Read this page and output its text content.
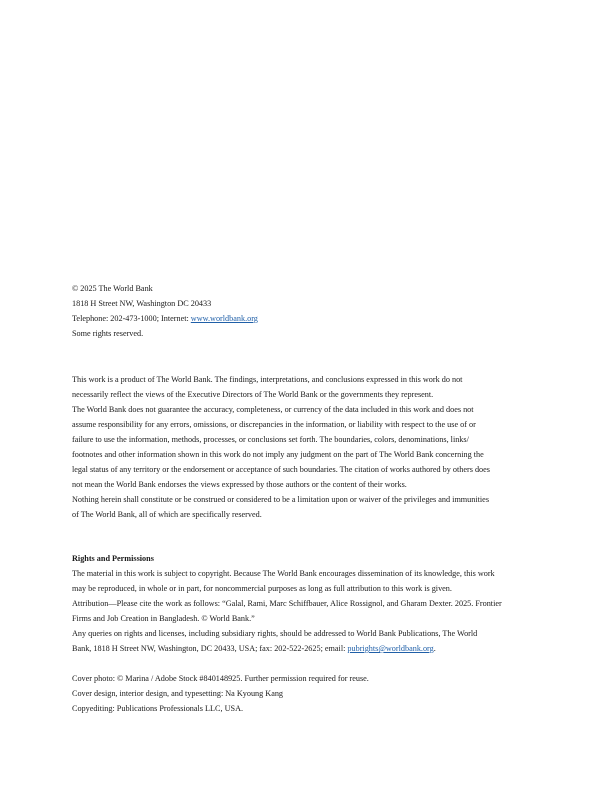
© 2025 The World Bank
1818 H Street NW, Washington DC 20433
Telephone: 202-473-1000; Internet: www.worldbank.org
Some rights reserved.
This work is a product of The World Bank. The findings, interpretations, and conclusions expressed in this work do not
necessarily reflect the views of the Executive Directors of The World Bank or the governments they represent.
The World Bank does not guarantee the accuracy, completeness, or currency of the data included in this work and does not
assume responsibility for any errors, omissions, or discrepancies in the information, or liability with respect to the use of or
failure to use the information, methods, processes, or conclusions set forth. The boundaries, colors, denominations, links/
footnotes and other information shown in this work do not imply any judgment on the part of The World Bank concerning the
legal status of any territory or the endorsement or acceptance of such boundaries. The citation of works authored by others does
not mean the World Bank endorses the views expressed by those authors or the content of their works.
Nothing herein shall constitute or be construed or considered to be a limitation upon or waiver of the privileges and immunities
of The World Bank, all of which are specifically reserved.
Rights and Permissions
The material in this work is subject to copyright. Because The World Bank encourages dissemination of its knowledge, this work
may be reproduced, in whole or in part, for noncommercial purposes as long as full attribution to this work is given.
Attribution—Please cite the work as follows: “Galal, Rami, Marc Schiffbauer, Alice Rossignol, and Gharam Dexter. 2025. Frontier
Firms and Job Creation in Bangladesh. © World Bank.”
Any queries on rights and licenses, including subsidiary rights, should be addressed to World Bank Publications, The World
Bank, 1818 H Street NW, Washington, DC 20433, USA; fax: 202-522-2625; email: pubrights@worldbank.org.
Cover photo: © Marina / Adobe Stock #840148925. Further permission required for reuse.
Cover design, interior design, and typesetting: Na Kyoung Kang
Copyediting: Publications Professionals LLC, USA.
